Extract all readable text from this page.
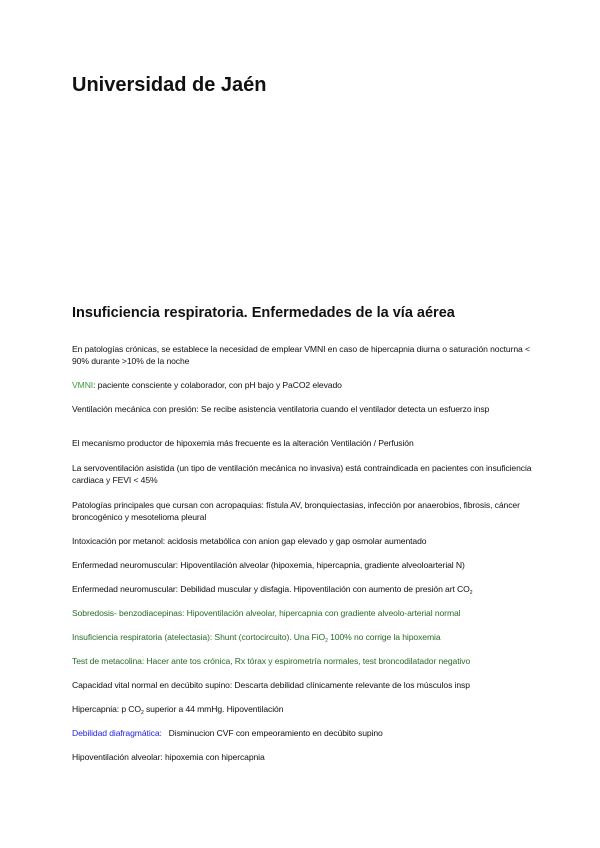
Universidad de Jaén
Insuficiencia respiratoria. Enfermedades de la vía aérea

En patologías crónicas, se establece la necesidad de emplear VMNI en caso de hipercapnia diurna o saturación nocturna < 90% durante >10% de la noche

VMNI: paciente consciente y colaborador, con pH bajo y PaCO2 elevado

Ventilación mecánica con presión: Se recibe asistencia ventilatoria cuando el ventilador detecta un esfuerzo insp

El mecanismo productor de hipoxemia más frecuente es la alteración Ventilación / Perfusión

La servoventilación asistida (un tipo de ventilación mecánica no invasiva) está contraindicada en pacientes con insuficiencia cardiaca y FEVI < 45%

Patologías principales que cursan con acropaquias: fístula AV, bronquiectasias, infección por anaerobios, fibrosis, cáncer broncogénico y mesotelioma pleural

Intoxicación por metanol: acidosis metabólica con anion gap elevado y gap osmolar aumentado

Enfermedad neuromuscular: Hipoventilación alveolar (hipoxemia, hipercapnia, gradiente alveoloarterial N)

Enfermedad neuromuscular: Debilidad muscular y disfagia. Hipoventilación con aumento de presión art $CO_2$

Sobredosis- benzodiacepinas: Hipoventilación alveolar, hipercapnia con gradiente alveolo-arterial normal

Insuficiencia respiratoria (atelectasia): Shunt (cortocircuito). Una FiO$_2$ 100% no corrige la hipoxemia

Test de metacolina: Hacer ante tos crónica, Rx tórax y espirometría normales, test broncodilatador negativo

Capacidad vital normal en decúbito supino: Descarta debilidad clínicamente relevante de los músculos insp

Hipercapnia: p $CO_2$ superior a 44 mmHg. Hipoventilación

Debilidad diafragmática:   Disminucion CVF con empeoramiento en decúbito supino

Hipoventilación alveolar: hipoxemia con hipercapnia
